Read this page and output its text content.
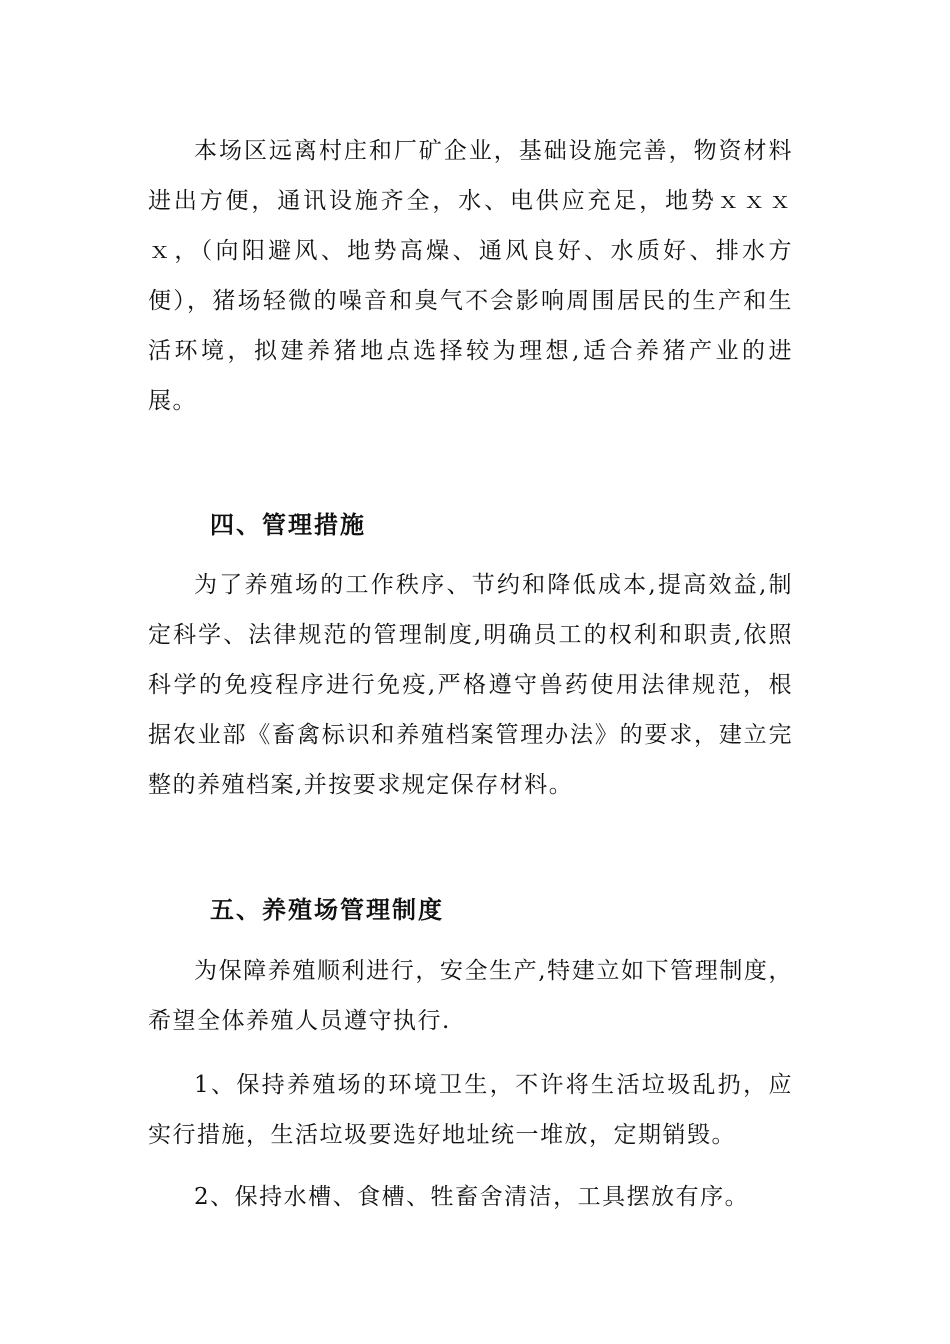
本场区远离村庄和厂矿企业，基础设施完善，物资材料进出方便，通讯设施齐全，水、电供应充足，地势ｘｘｘｘ，（向阳避风、地势高燥、通风良好、水质好、排水方便），猪场轻微的噪音和臭气不会影响周围居民的生产和生活环境，拟建养猪地点选择较为理想,适合养猪产业的进展。

四、管理措施

为了养殖场的工作秩序、节约和降低成本,提高效益,制定科学、法律规范的管理制度,明确员工的权利和职责,依照科学的免疫程序进行免疫,严格遵守兽药使用法律规范，根据农业部《畜禽标识和养殖档案管理办法》的要求，建立完整的养殖档案,并按要求规定保存材料。

五、养殖场管理制度

为保障养殖顺利进行，安全生产,特建立如下管理制度，希望全体养殖人员遵守执行.

1、保持养殖场的环境卫生，不许将生活垃圾乱扔，应实行措施，生活垃圾要选好地址统一堆放，定期销毁。

2、保持水槽、食槽、牲畜舍清洁，工具摆放有序。
